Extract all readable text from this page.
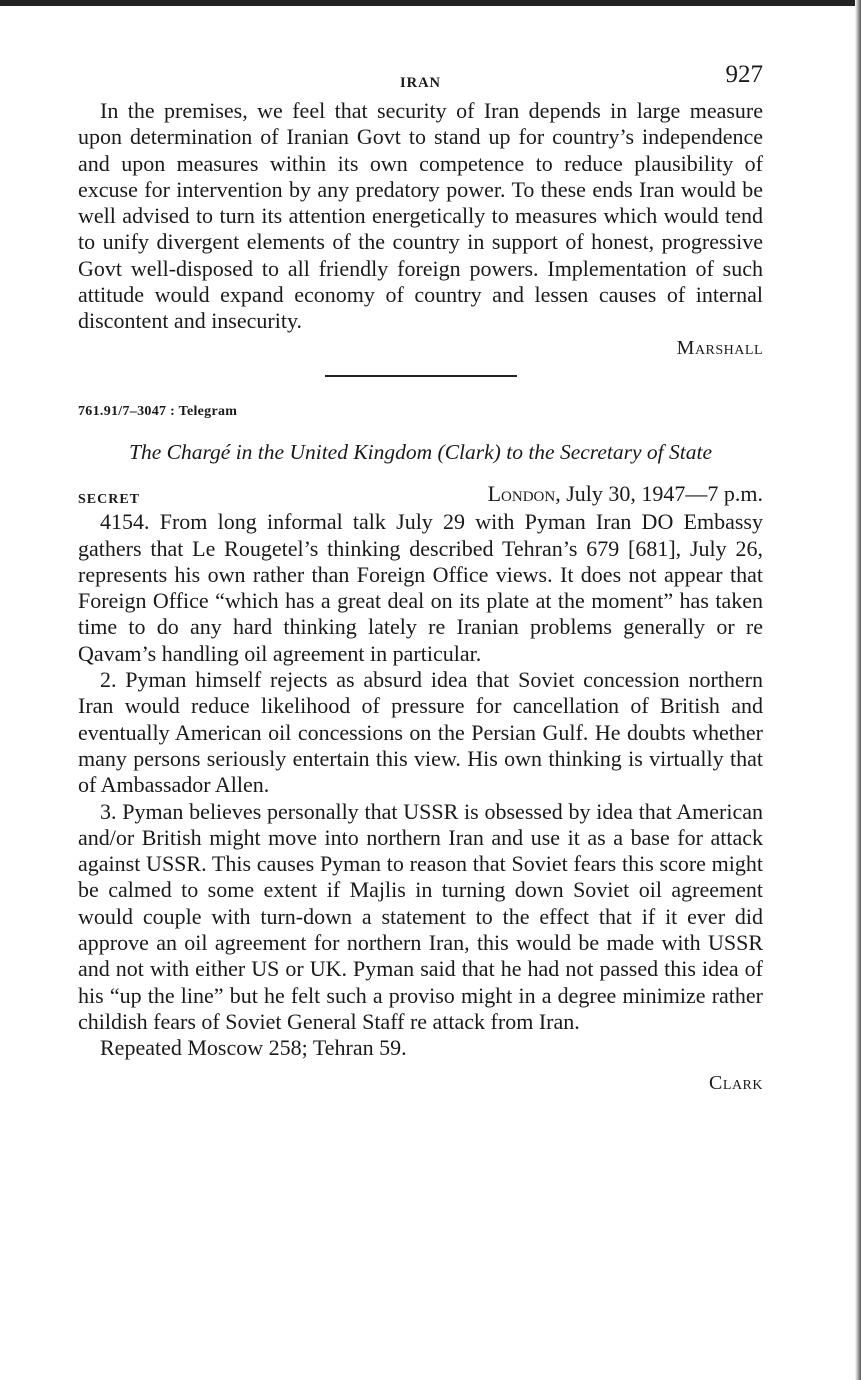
IRAN	927

In the premises, we feel that security of Iran depends in large measure upon determination of Iranian Govt to stand up for country’s independence and upon measures within its own competence to reduce plausibility of excuse for intervention by any predatory power. To these ends Iran would be well advised to turn its attention energetically to measures which would tend to unify divergent elements of the country in support of honest, progressive Govt well-disposed to all friendly foreign powers. Implementation of such attitude would expand economy of country and lessen causes of internal discontent and insecurity.

Marshall
761.91/7–3047 : Telegram
The Chargé in the United Kingdom (Clark) to the Secretary of State
SECRET	London, July 30, 1947—7 p.m.

4154. From long informal talk July 29 with Pyman Iran DO Embassy gathers that Le Rougetel’s thinking described Tehran’s 679 [681], July 26, represents his own rather than Foreign Office views. It does not appear that Foreign Office “which has a great deal on its plate at the moment” has taken time to do any hard thinking lately re Iranian problems generally or re Qavam’s handling oil agreement in particular.

2. Pyman himself rejects as absurd idea that Soviet concession northern Iran would reduce likelihood of pressure for cancellation of British and eventually American oil concessions on the Persian Gulf. He doubts whether many persons seriously entertain this view. His own thinking is virtually that of Ambassador Allen.

3. Pyman believes personally that USSR is obsessed by idea that American and/or British might move into northern Iran and use it as a base for attack against USSR. This causes Pyman to reason that Soviet fears this score might be calmed to some extent if Majlis in turning down Soviet oil agreement would couple with turn-down a statement to the effect that if it ever did approve an oil agreement for northern Iran, this would be made with USSR and not with either US or UK. Pyman said that he had not passed this idea of his “up the line” but he felt such a proviso might in a degree minimize rather childish fears of Soviet General Staff re attack from Iran.

Repeated Moscow 258; Tehran 59.

Clark
